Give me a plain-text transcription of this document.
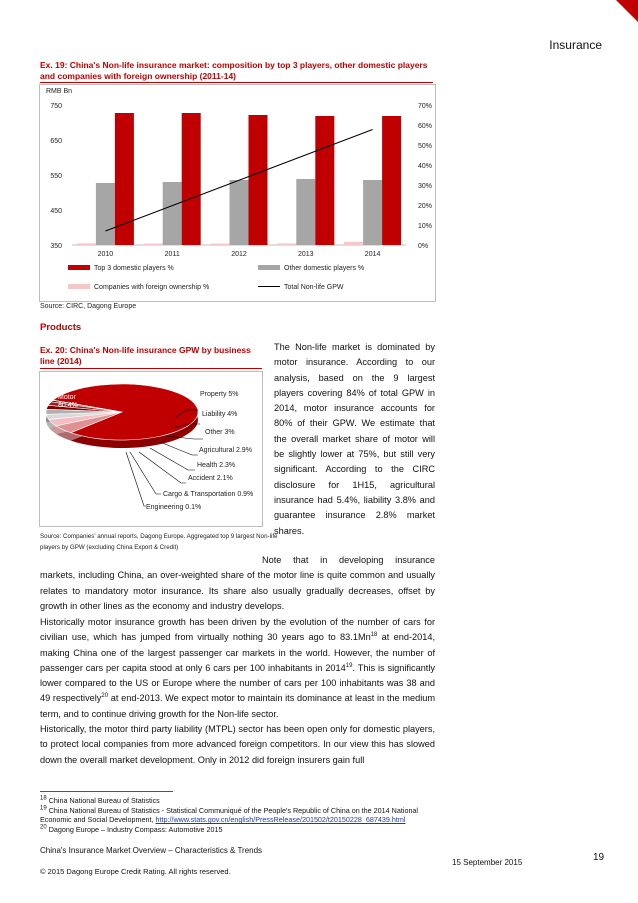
Insurance
Ex. 19: China's Non-life insurance market: composition by top 3 players, other domestic players and companies with foreign ownership (2011-14)
RMB Bn
350
450
550
650
750
0%
10%
20%
30%
40%
50%
60%
70%
2010	2011	2012	2013	2014
Top 3 domestic players %	Other domestic players %
Companies with foreign ownership %	Total Non-life GPW
Source: CIRC, Dagong Europe
Products
Ex. 20: China's Non-life insurance GPW by business line (2014)
Motor
80.4%
Property 5%
Liability 4%
Other 3%
Agricultural 2.9%
Health 2.3%
Accident 2.1%
Cargo & Transportation 0.9%
Engineering 0.1%
Source: Companies' annual reports, Dagong Europe. Aggregated top 9 largest Non-life players by GPW (excluding China Export & Credit)
The Non-life market is dominated by motor insurance. According to our analysis, based on the 9 largest players covering 84% of total GPW in 2014, motor insurance accounts for 80% of their GPW. We estimate that the overall market share of motor will be slightly lower at 75%, but still very significant. According to the CIRC disclosure for 1H15, agricultural insurance had 5.4%, liability 3.8% and guarantee insurance 2.8% market shares.
Note that in developing insurance markets, including China, an over-weighted share of the motor line is quite common and usually relates to mandatory motor insurance. Its share also usually gradually decreases, offset by growth in other lines as the economy and industry develops.
Historically motor insurance growth has been driven by the evolution of the number of cars for civilian use, which has jumped from virtually nothing 30 years ago to 83.1Mn$^{18}$ at end-2014, making China one of the largest passenger car markets in the world. However, the number of passenger cars per capita stood at only 6 cars per 100 inhabitants in 2014$^{19}$. This is significantly lower compared to the US or Europe where the number of cars per 100 inhabitants was 38 and 49 respectively$^{20}$ at end-2013. We expect motor to maintain its dominance at least in the medium term, and to continue driving growth for the Non-life sector.
Historically, the motor third party liability (MTPL) sector has been open only for domestic players, to protect local companies from more advanced foreign competitors. In our view this has slowed down the overall market development. Only in 2012 did foreign insurers gain full
$^{18}$ China National Bureau of Statistics
$^{19}$ China National Bureau of Statistics - Statistical Communiqué of the People's Republic of China on the 2014 National Economic and Social Development, http://www.stats.gov.cn/english/PressRelease/201502/t20150228_687439.html
$^{20}$ Dagong Europe – Industry Compass: Automotive 2015
China's Insurance Market Overview – Characteristics & Trends
15 September 2015	19
© 2015 Dagong Europe Credit Rating. All rights reserved.
